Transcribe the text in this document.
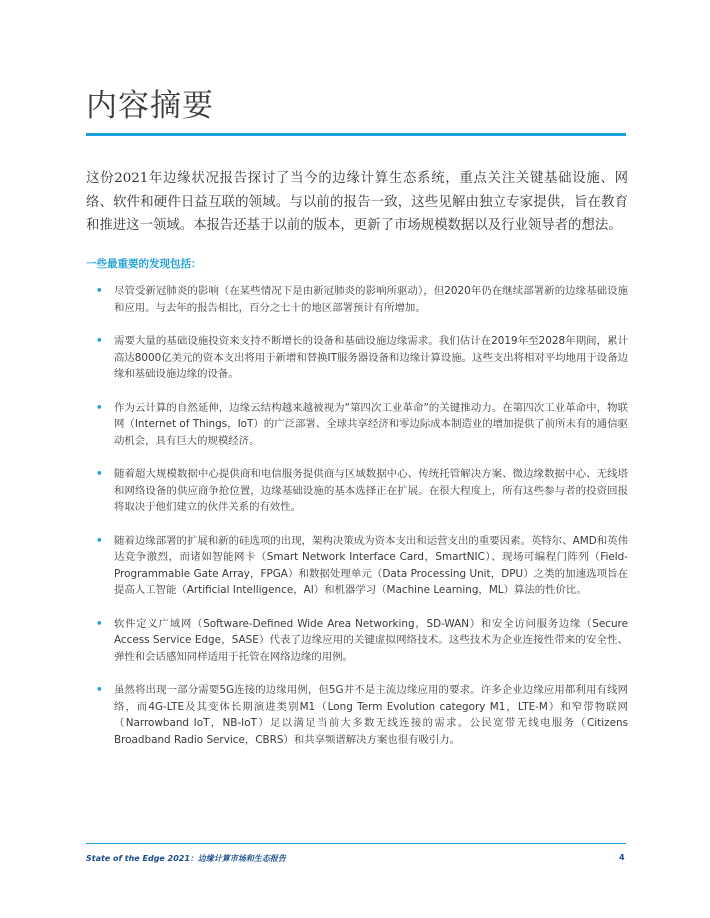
内容摘要

这份2021年边缘状况报告探讨了当今的边缘计算生态系统，重点关注关键基础设施、网络、软件和硬件日益互联的领域。与以前的报告一致，这些见解由独立专家提供，旨在教育和推进这一领域。本报告还基于以前的版本，更新了市场规模数据以及行业领导者的想法。

一些最重要的发现包括：

• 尽管受新冠肺炎的影响（在某些情况下是由新冠肺炎的影响所驱动），但2020年仍在继续部署新的边缘基础设施和应用。与去年的报告相比，百分之七十的地区部署预计有所增加。
• 需要大量的基础设施投资来支持不断增长的设备和基础设施边缘需求。我们估计在2019年至2028年期间，累计高达8000亿美元的资本支出将用于新增和替换IT服务器设备和边缘计算设施。这些支出将相对平均地用于设备边缘和基础设施边缘的设备。
• 作为云计算的自然延伸，边缘云结构越来越被视为“第四次工业革命”的关键推动力。在第四次工业革命中，物联网（Internet of Things，IoT）的广泛部署、全球共享经济和零边际成本制造业的增加提供了前所未有的通信驱动机会，具有巨大的规模经济。
• 随着超大规模数据中心提供商和电信服务提供商与区域数据中心、传统托管解决方案、微边缘数据中心、无线塔和网络设备的供应商争抢位置，边缘基础设施的基本选择正在扩展。在很大程度上，所有这些参与者的投资回报将取决于他们建立的伙伴关系的有效性。
• 随着边缘部署的扩展和新的硅选项的出现，架构决策成为资本支出和运营支出的重要因素。英特尔、AMD和英伟达竞争激烈，而诸如智能网卡（Smart Network Interface Card，SmartNIC）、现场可编程门阵列（Field-Programmable Gate Array，FPGA）和数据处理单元（Data Processing Unit，DPU）之类的加速选项旨在提高人工智能（Artificial Intelligence，AI）和机器学习（Machine Learning，ML）算法的性价比。
• 软件定义广域网（Software-Defined Wide Area Networking，SD-WAN）和安全访问服务边缘（Secure Access Service Edge，SASE）代表了边缘应用的关键虚拟网络技术。这些技术为企业连接性带来的安全性、弹性和会话感知同样适用于托管在网络边缘的用例。
• 虽然将出现一部分需要5G连接的边缘用例，但5G并不是主流边缘应用的要求。许多企业边缘应用都利用有线网络，而4G-LTE及其变体长期演进类别M1（Long Term Evolution category M1，LTE-M）和窄带物联网（Narrowband IoT，NB-IoT）足以满足当前大多数无线连接的需求。公民宽带无线电服务（Citizens Broadband Radio Service，CBRS）和共享频谱解决方案也很有吸引力。

State of the Edge 2021：边缘计算市场和生态报告	4
